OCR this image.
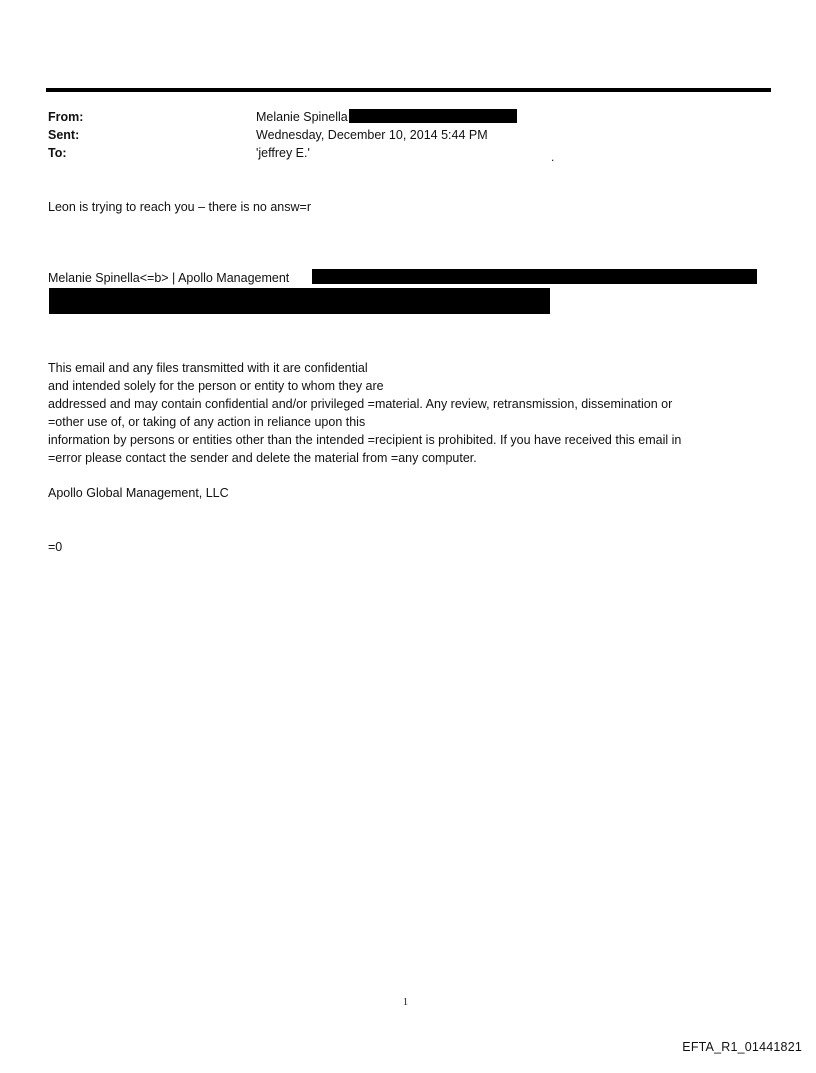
From:	Melanie Spinella
Sent:	Wednesday, December 10, 2014 5:44 PM
To:	'jeffrey E.'	.
Leon is trying to reach you – there is no answ=r
Melanie Spinella<=b> | Apollo Management
This email and any files transmitted with it are confidential
and intended solely for the person or entity to whom they are
addressed and may contain confidential and/or privileged =material. Any review, retransmission, dissemination or
=other use of, or taking of any action in reliance upon this
information by persons or entities other than the intended =recipient is prohibited. If you have received this email in
=error please contact the sender and delete the material from =any computer.
Apollo Global Management, LLC
=0
1
EFTA_R1_01441821
